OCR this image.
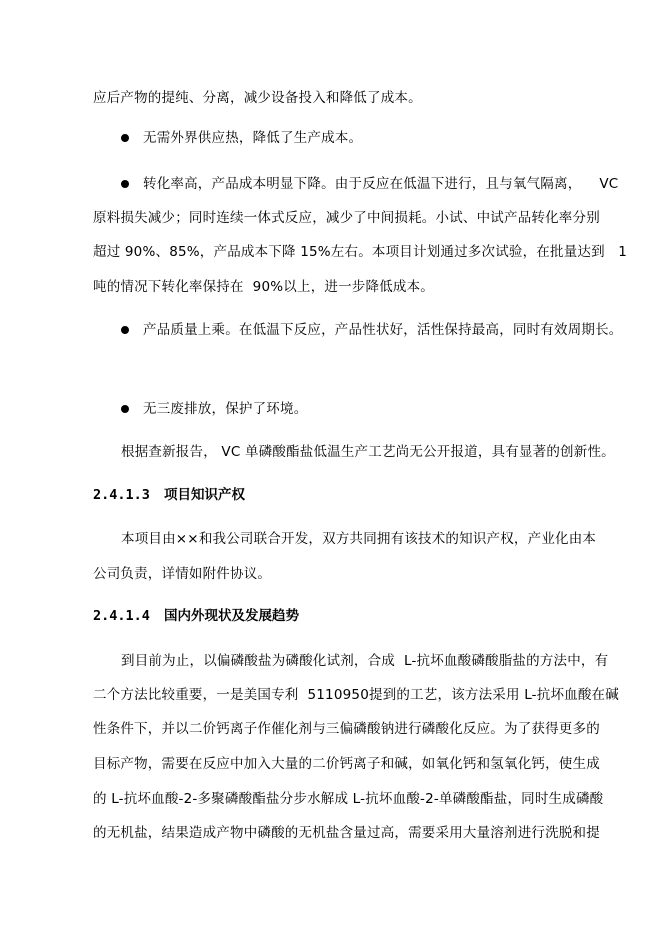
应后产物的提纯、分离，减少设备投入和降低了成本。
无需外界供应热，降低了生产成本。
转化率高，产品成本明显下降。由于反应在低温下进行，且与氧气隔离，    VC
原料损失减少；同时连续一体式反应，减少了中间损耗。小试、中试产品转化率分别
超过 90%、85%，产品成本下降 15%左右。本项目计划通过多次试验，在批量达到   1
吨的情况下转化率保持在  90%以上，进一步降低成本。
产品质量上乘。在低温下反应，产品性状好，活性保持最高，同时有效周期长。
无三废排放，保护了环境。
根据查新报告， VC 单磷酸酯盐低温生产工艺尚无公开报道，具有显著的创新性。
2.4.1.3 项目知识产权
本项目由××和我公司联合开发，双方共同拥有该技术的知识产权，产业化由本
公司负责，详情如附件协议。
2.4.1.4 国内外现状及发展趋势
到目前为止，以偏磷酸盐为磷酸化试剂，合成  L-抗坏血酸磷酸脂盐的方法中，有
二个方法比较重要，一是美国专利  5110950提到的工艺，该方法采用 L-抗坏血酸在碱
性条件下，并以二价钙离子作催化剂与三偏磷酸钠进行磷酸化反应。为了获得更多的
目标产物，需要在反应中加入大量的二价钙离子和碱，如氧化钙和氢氧化钙，使生成
的 L-抗坏血酸-2-多聚磷酸酯盐分步水解成 L-抗坏血酸-2-单磷酸酯盐，同时生成磷酸
的无机盐，结果造成产物中磷酸的无机盐含量过高，需要采用大量溶剂进行洗脱和提
